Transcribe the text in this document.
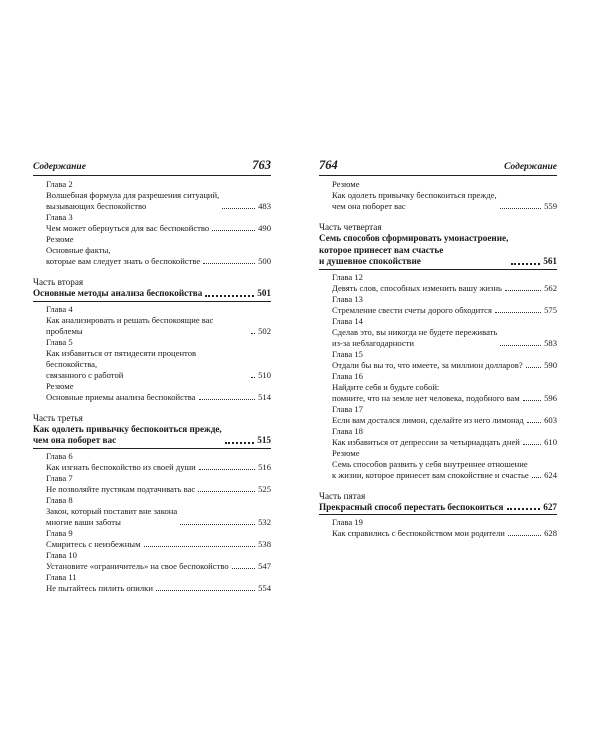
Содержание	763
Глава 2
Волшебная формула для разрешения ситуаций,
вызывающих беспокойство	483
Глава 3
Чем может обернуться для вас беспокойство	490
Резюме
Основные факты,
которые вам следует знать о беспокойстве	500
Часть вторая
Основные методы анализа беспокойства	501
Глава 4
Как анализировать и решать беспокоящие вас проблемы	502
Глава 5
Как избавиться от пятидесяти процентов беспокойства,
связанного с работой	510
Резюме
Основные приемы анализа беспокойства	514
Часть третья
Как одолеть привычку беспокоиться прежде,
чем она поборет вас	515
Глава 6
Как изгнать беспокойство из своей души	516
Глава 7
Не позволяйте пустякам подтачивать вас	525
Глава 8
Закон, который поставит вне закона
многие ваши заботы	532
Глава 9
Смиритесь с неизбежным	538
Глава 10
Установите «ограничитель» на свое беспокойство	547
Глава 11
Не пытайтесь пилить опилки	554
764	Содержание
Резюме
Как одолеть привычку беспокоиться прежде,
чем она поборет вас	559
Часть четвертая
Семь способов сформировать умонастроение,
которое принесет вам счастье
и душевное спокойствие	561
Глава 12
Девять слов, способных изменить вашу жизнь	562
Глава 13
Стремление свести счеты дорого обходится	575
Глава 14
Сделав это, вы никогда не будете переживать
из-за неблагодарности	583
Глава 15
Отдали бы вы то, что имеете, за миллион долларов? 590
Глава 16
Найдите себя и будьте собой:
помните, что на земле нет человека, подобного вам	596
Глава 17
Если вам достался лимон, сделайте из него лимонад 603
Глава 18
Как избавиться от депрессии за четырнадцать дней	610
Резюме
Семь способов развить у себя внутреннее отношение
к жизни, которое принесет вам спокойствие и счастье 624
Часть пятая
Прекрасный способ перестать беспокоиться	627
Глава 19
Как справились с беспокойством мои родители	628
